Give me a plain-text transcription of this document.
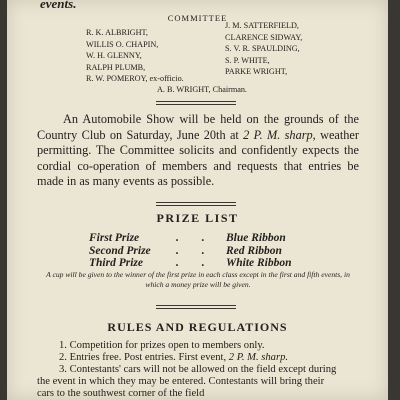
events.
COMMITTEE
R. K. ALBRIGHT,
WILLIS O. CHAPIN,
W. H. GLENNY,
RALPH PLUMB,
R. W. POMEROY, ex-officio.
J. M. SATTERFIELD,
CLARENCE SIDWAY,
S. V. R. SPAULDING,
S. P. WHITE,
PARKE WRIGHT,
A. B. WRIGHT, Chairman.
An Automobile Show will be held on the grounds of the Country Club on Saturday, June 20th at 2 P. M. sharp, weather permitting. The Committee solicits and confidently expects the cordial co-operation of members and requests that entries be made in as many events as possible.
PRIZE LIST
First Prize	. . Blue Ribbon
Second Prize . . Red Ribbon
Third Prize	. . White Ribbon
A cup will be given to the winner of the first prize in each class except in the first and fifth events, in which a money prize will be given.
RULES AND REGULATIONS
1. Competition for prizes open to members only.
2. Entries free. Post entries. First event, 2 P. M. sharp.
3. Contestants' cars will not be allowed on the field except during
the event in which they may be entered. Contestants will bring their
cars to the southwest corner of the field
